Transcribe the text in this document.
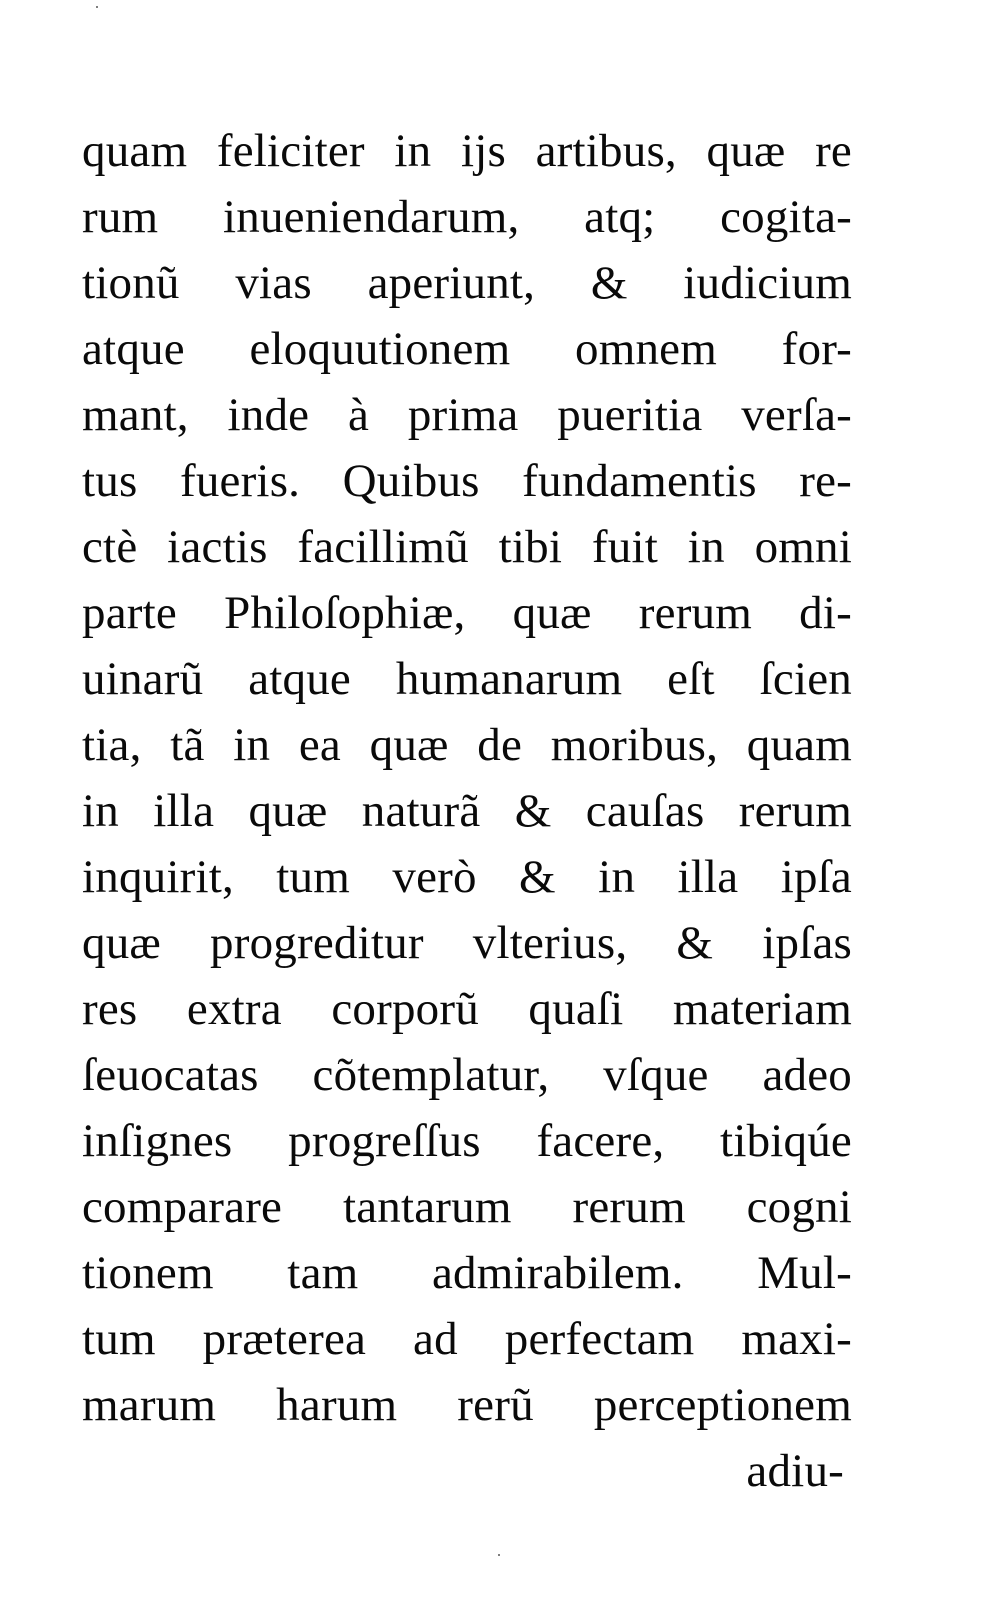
quam feliciter in ijs artibus, quæ re
rum inueniendarum, atq; cogita-
tionũ vias aperiunt, & iudicium
atque eloquutionem omnem for-
mant, inde à prima pueritia verſa-
tus fueris. Quibus fundamentis re-
ctè iactis facillimũ tibi fuit in omni
parte Philoſophiæ, quæ rerum di-
uinarũ atque humanarum eſt ſcien
tia, tã in ea quæ de moribus, quam
in illa quæ naturã & cauſas rerum
inquirit, tum verò & in illa ipſa
quæ progreditur vlterius, & ipſas
res extra corporũ quaſi materiam
ſeuocatas cõtemplatur, vſque adeo
inſignes progreſſus facere, tibiqúe
comparare tantarum rerum cogni
tionem tam admirabilem. Mul-
tum præterea ad perfectam maxi-
marum harum rerũ perceptionem
adiu-
